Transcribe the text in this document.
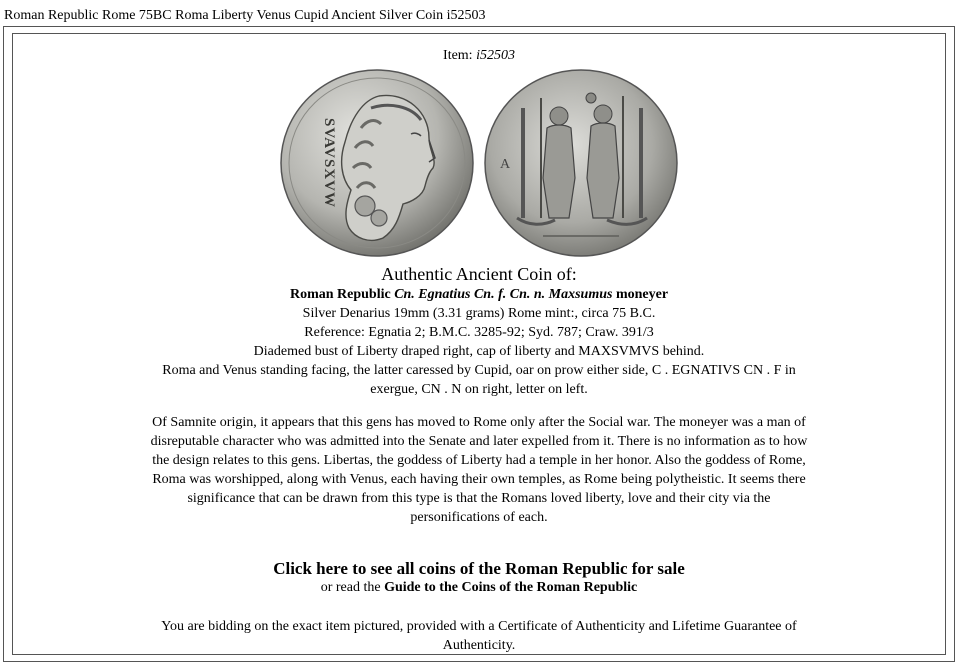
Roman Republic Rome 75BC Roma Liberty Venus Cupid Ancient Silver Coin i52503
Item: i52503
SVAVSXVW	A
Authentic Ancient Coin of:
Roman Republic Cn. Egnatius Cn. f. Cn. n. Maxsumus moneyer
Silver Denarius 19mm (3.31 grams) Rome mint:, circa 75 B.C.
Reference: Egnatia 2; B.M.C. 3285-92; Syd. 787; Craw. 391/3
Diademed bust of Liberty draped right, cap of liberty and MAXSVMVS behind.
Roma and Venus standing facing, the latter caressed by Cupid, oar on prow either side, C . EGNATIVS CN . F in exergue, CN . N on right, letter on left.
Of Samnite origin, it appears that this gens has moved to Rome only after the Social war. The moneyer was a man of disreputable character who was admitted into the Senate and later expelled from it. There is no information as to how the design relates to this gens. Libertas, the goddess of Liberty had a temple in her honor. Also the goddess of Rome, Roma was worshipped, along with Venus, each having their own temples, as Rome being polytheistic. It seems there significance that can be drawn from this type is that the Romans loved liberty, love and their city via the personifications of each.
Click here to see all coins of the Roman Republic for sale
or read the Guide to the Coins of the Roman Republic
You are bidding on the exact item pictured, provided with a Certificate of Authenticity and Lifetime Guarantee of Authenticity.
